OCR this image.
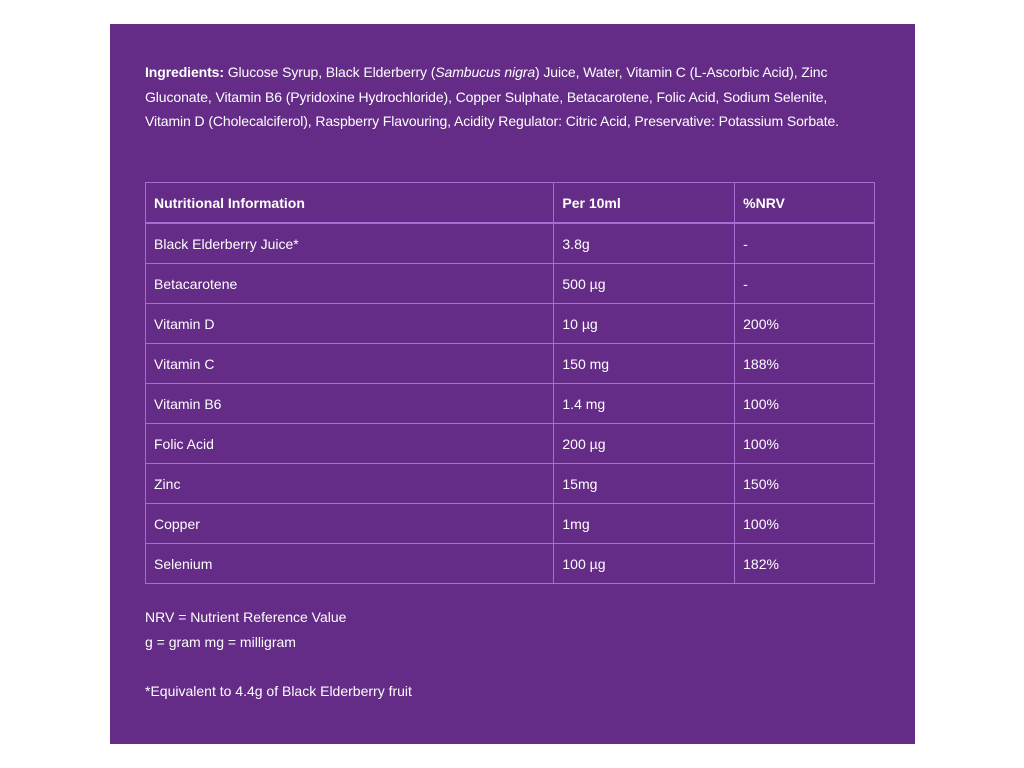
Ingredients: Glucose Syrup, Black Elderberry (Sambucus nigra) Juice, Water, Vitamin C (L-Ascorbic Acid), Zinc Gluconate, Vitamin B6 (Pyridoxine Hydrochloride), Copper Sulphate, Betacarotene, Folic Acid, Sodium Selenite, Vitamin D (Cholecalciferol), Raspberry Flavouring, Acidity Regulator: Citric Acid, Preservative: Potassium Sorbate.

Nutritional Information	Per 10ml	%NRV
Black Elderberry Juice*	3.8g	-
Betacarotene	500 µg	-
Vitamin D	10 µg	200%
Vitamin C	150 mg	188%
Vitamin B6	1.4 mg	100%
Folic Acid	200 µg	100%
Zinc	15mg	150%
Copper	1mg	100%
Selenium	100 µg	182%
NRV = Nutrient Reference Value
g = gram mg = milligram
*Equivalent to 4.4g of Black Elderberry fruit
